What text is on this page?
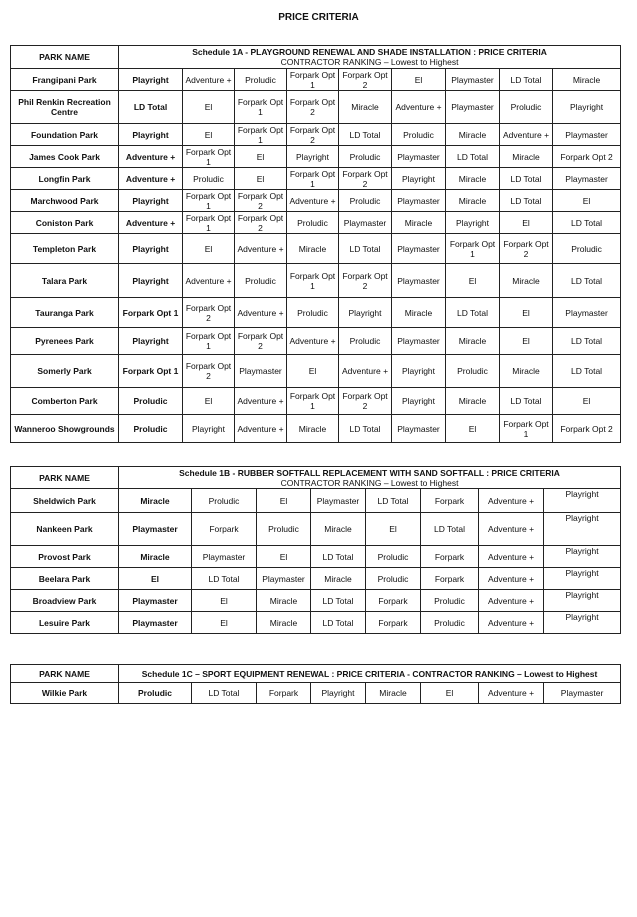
PRICE CRITERIA
PARK NAME	Schedule 1A - PLAYGROUND RENEWAL AND SHADE INSTALLATION : PRICE CRITERIA
CONTRACTOR RANKING – Lowest to Highest								

Frangipani Park	Playright	Adventure +	Proludic	Forpark Opt 1	Forpark Opt 2	El	Playmaster	LD Total	Miracle
Phil Renkin Recreation Centre	LD Total	El	Forpark Opt 1	Forpark Opt 2	Miracle	Adventure +	Playmaster	Proludic	Playright
Foundation Park	Playright	El	Forpark Opt 1	Forpark Opt 2	LD Total	Proludic	Miracle	Adventure +	Playmaster
James Cook Park	Adventure +	Forpark Opt 1	El	Playright	Proludic	Playmaster	LD Total	Miracle	Forpark Opt 2
Longfin Park	Adventure +	Proludic	El	Forpark Opt 1	Forpark Opt 2	Playright	Miracle	LD Total	Playmaster
Marchwood Park	Playright	Forpark Opt 1	Forpark Opt 2	Adventure +	Proludic	Playmaster	Miracle	LD Total	El
Coniston Park	Adventure +	Forpark Opt 1	Forpark Opt 2	Proludic	Playmaster	Miracle	Playright	El	LD Total
Templeton Park	Playright	El	Adventure +	Miracle	LD Total	Playmaster	Forpark Opt 1	Forpark Opt 2	Proludic
Talara Park	Playright	Adventure +	Proludic	Forpark Opt 1	Forpark Opt 2	Playmaster	El	Miracle	LD Total
Tauranga Park	Forpark Opt 1	Forpark Opt 2	Adventure +	Proludic	Playright	Miracle	LD Total	El	Playmaster
Pyrenees Park	Playright	Forpark Opt 1	Forpark Opt 2	Adventure +	Proludic	Playmaster	Miracle	El	LD Total
Somerly Park	Forpark Opt 1	Forpark Opt 2	Playmaster	El	Adventure +	Playright	Proludic	Miracle	LD Total
Comberton Park	Proludic	El	Adventure +	Forpark Opt 1	Forpark Opt 2	Playright	Miracle	LD Total	El
Wanneroo Showgrounds	Proludic	Playright	Adventure +	Miracle	LD Total	Playmaster	El	Forpark Opt 1	Forpark Opt 2
PARK NAME	Schedule 1B - RUBBER SOFTFALL REPLACEMENT WITH SAND SOFTFALL : PRICE CRITERIA
CONTRACTOR RANKING – Lowest to Highest							

Sheldwich Park	Miracle	Proludic	El	Playmaster	LD Total	Forpark	Adventure +	Playright
Nankeen Park	Playmaster	Forpark	Proludic	Miracle	El	LD Total	Adventure +	Playright
Provost Park	Miracle	Playmaster	El	LD Total	Proludic	Forpark	Adventure +	Playright
Beelara Park	El	LD Total	Playmaster	Miracle	Proludic	Forpark	Adventure +	Playright
Broadview Park	Playmaster	El	Miracle	LD Total	Forpark	Proludic	Adventure +	Playright
Lesuire Park	Playmaster	El	Miracle	LD Total	Forpark	Proludic	Adventure +	Playright
PARK NAME	Schedule 1C – SPORT EQUIPMENT RENEWAL : PRICE CRITERIA - CONTRACTOR RANKING – Lowest to Highest							
Wilkie Park	Proludic	LD Total	Forpark	Playright	Miracle	El	Adventure +	Playmaster
